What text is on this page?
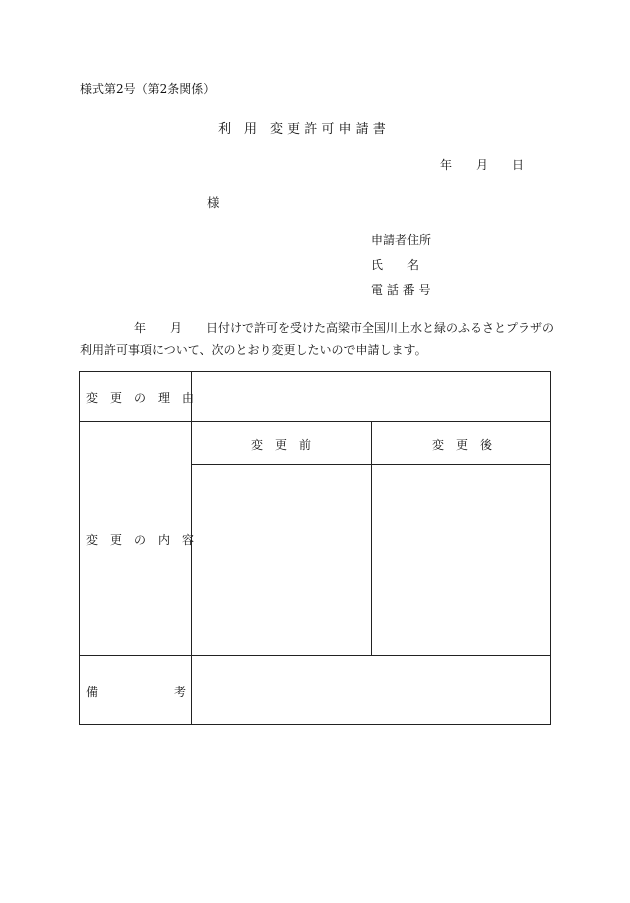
様式第2号（第2条関係）
利　用　変 更 許 可 申 請 書
年　　月　　日
様
申請者住所
氏　　名
電 話 番 号
年　　月　　日付けで許可を受けた高梁市全国川上水と緑のふるさとプラザの
利用許可事項について、次のとおり変更したいので申請します。
変　更　の　理　由
変　更　の　内　容
変　更　前	変　更　後
備	考
